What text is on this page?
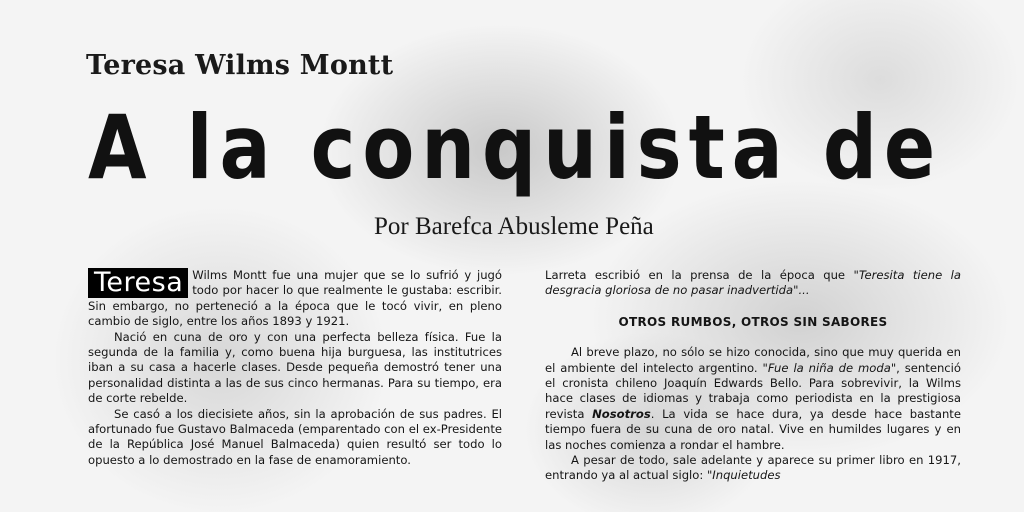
Teresa Wilms Montt
A la conquista de
Por Barefca Abusleme Peña

Teresa Wilms Montt fue una mujer que se lo sufrió y jugó todo por hacer lo que realmente le gustaba: escribir. Sin embargo, no perteneció a la época que le tocó vivir, en pleno cambio de siglo, entre los años 1893 y 1921.

Nació en cuna de oro y con una perfecta belleza física. Fue la segunda de la familia y, como buena hija burguesa, las institutrices iban a su casa a hacerle clases. Desde pequeña demostró tener una personalidad distinta a las de sus cinco hermanas. Para su tiempo, era de corte rebelde.

Se casó a los diecisiete años, sin la aprobación de sus padres. El afortunado fue Gustavo Balmaceda (emparentado con el ex-Presidente de la República José Manuel Balmaceda) quien resultó ser todo lo opuesto a lo demostrado en la fase de enamoramiento.

Larreta escribió en la prensa de la época que "Teresita tiene la desgracia gloriosa de no pasar inadvertida"...

OTROS RUMBOS, OTROS SIN SABORES

Al breve plazo, no sólo se hizo conocida, sino que muy querida en el ambiente del intelecto argentino. "Fue la niña de moda", sentenció el cronista chileno Joaquín Edwards Bello. Para sobrevivir, la Wilms hace clases de idiomas y trabaja como periodista en la prestigiosa revista Nosotros. La vida se hace dura, ya desde hace bastante tiempo fuera de su cuna de oro natal. Vive en humildes lugares y en las noches comienza a rondar el hambre.

A pesar de todo, sale adelante y aparece su primer libro en 1917, entrando ya al actual siglo: "Inquietudes
